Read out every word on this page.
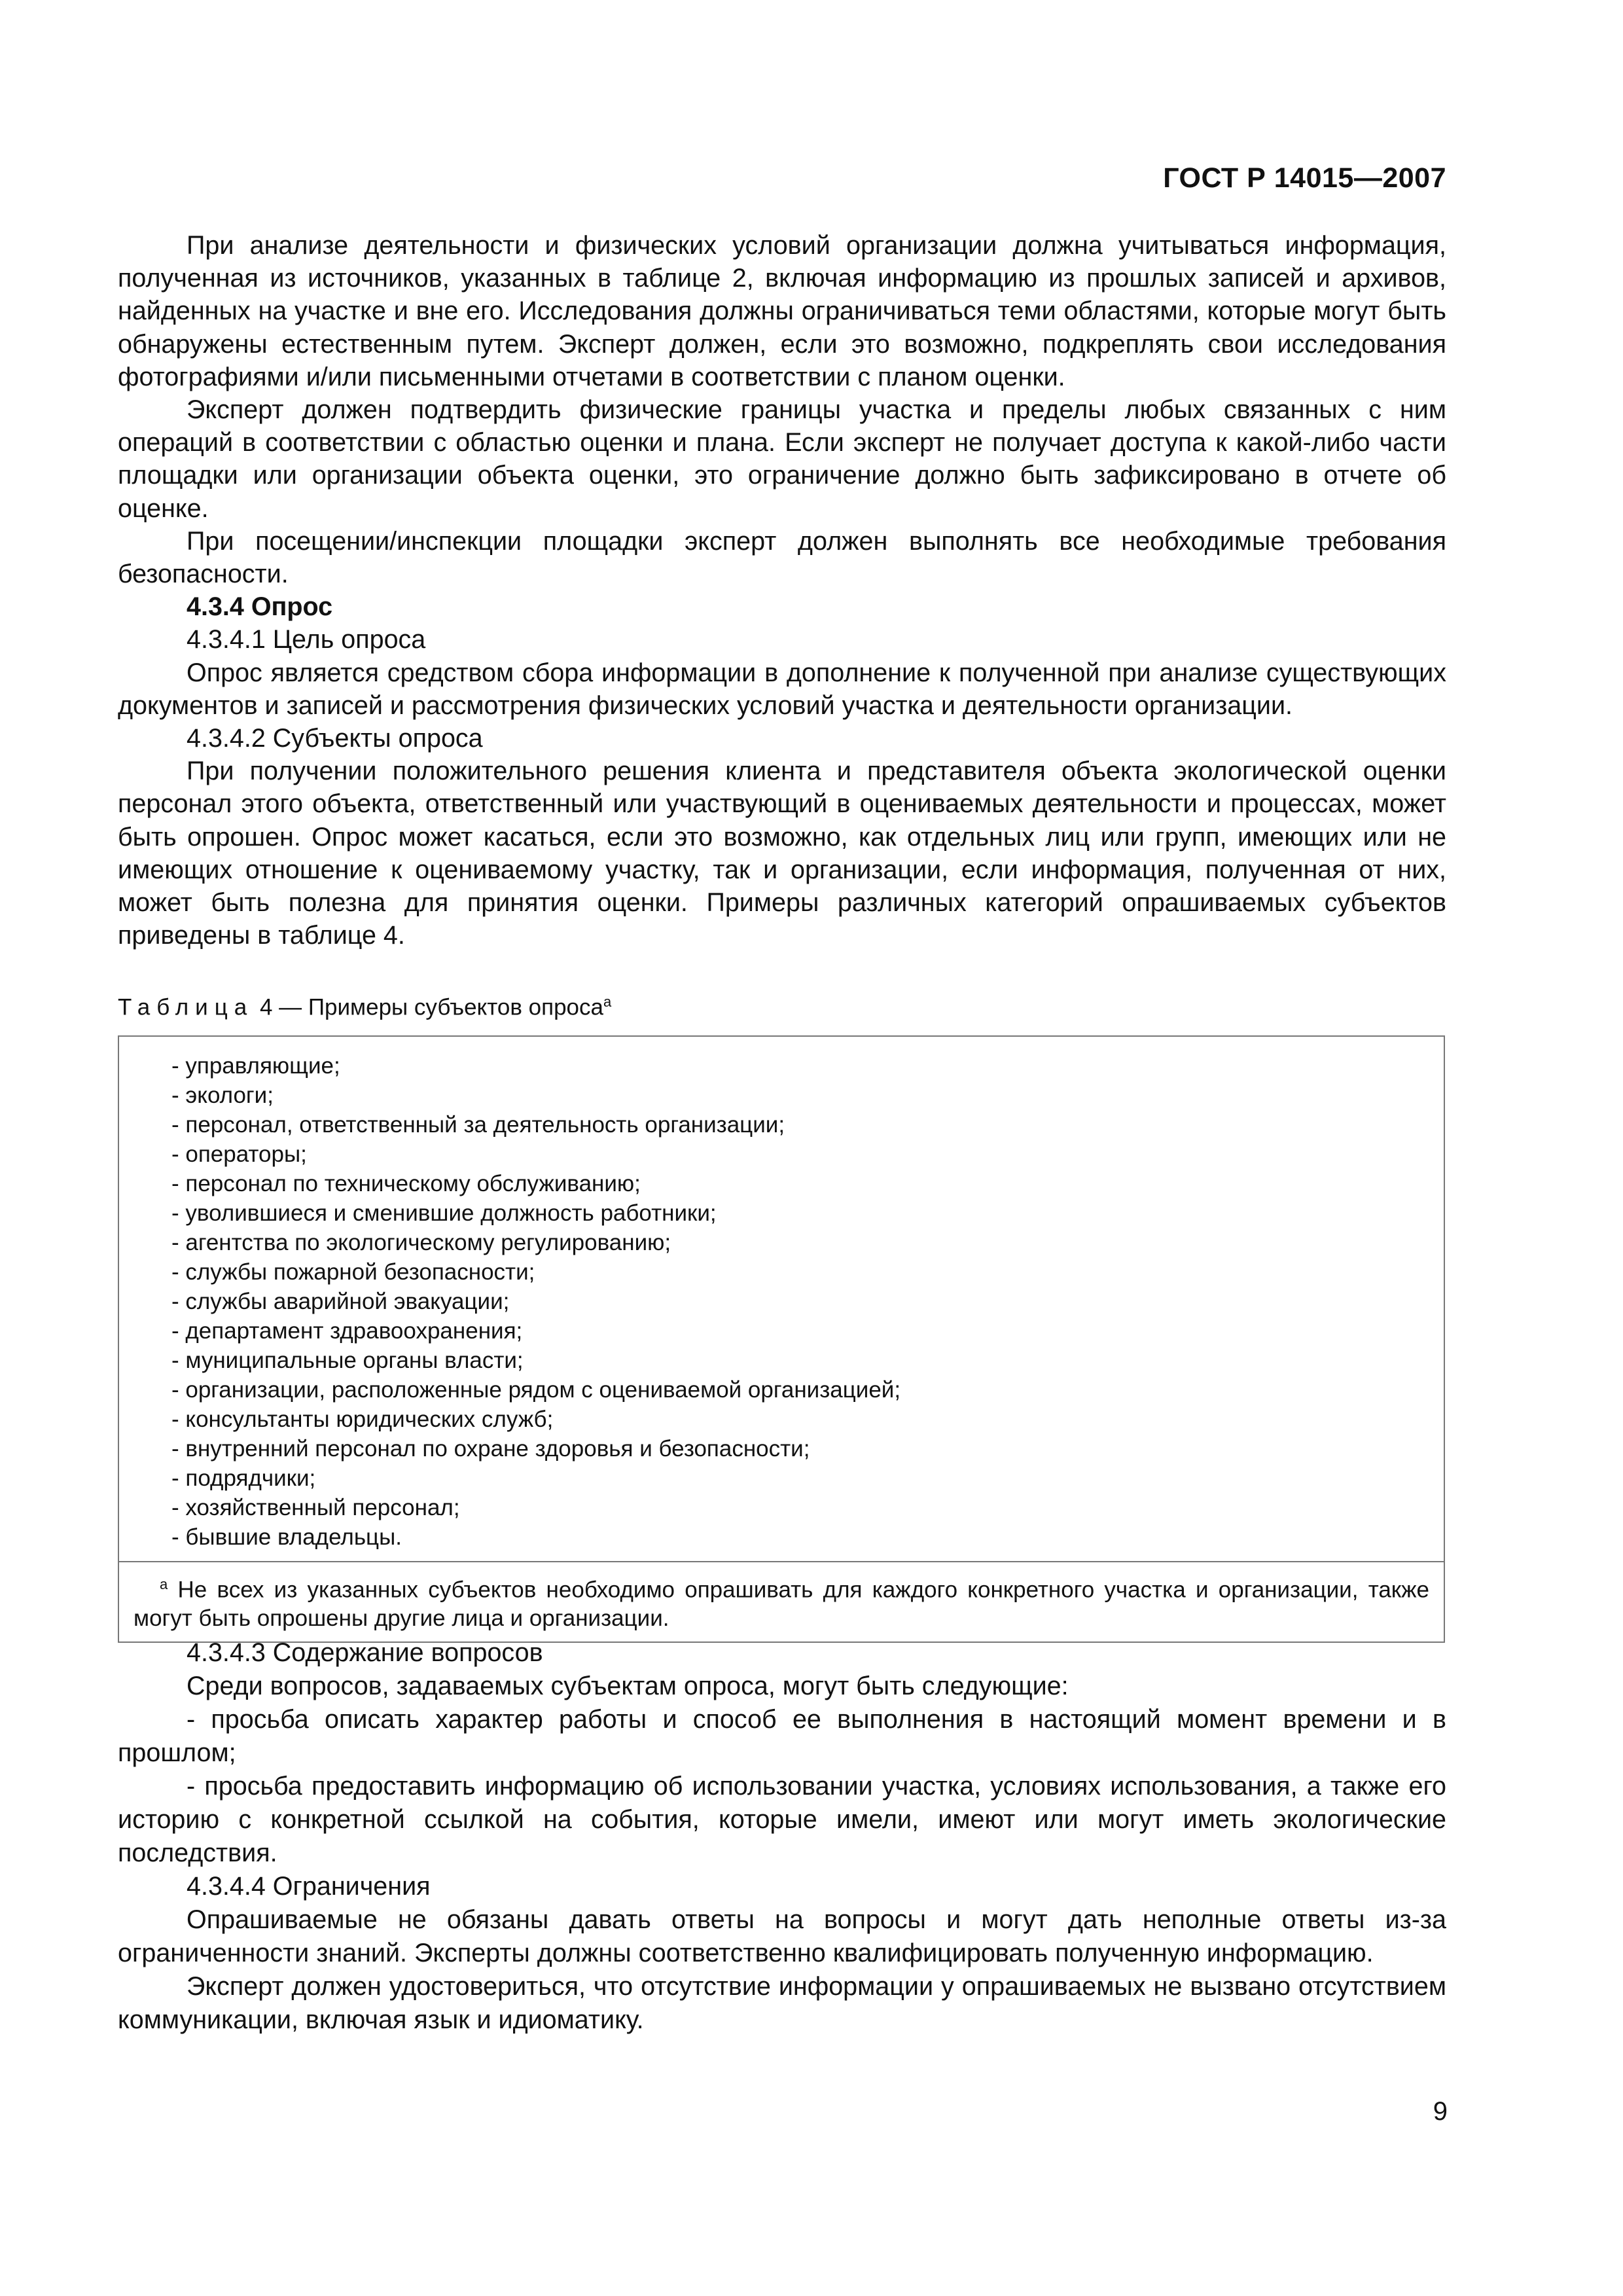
ГОСТ Р 14015—2007

При анализе деятельности и физических условий организации должна учитываться информация, полученная из источников, указанных в таблице 2, включая информацию из прошлых записей и архивов, найденных на участке и вне его. Исследования должны ограничиваться теми областями, которые могут быть обнаружены естественным путем. Эксперт должен, если это возможно, подкреплять свои исследования фотографиями и/или письменными отчетами в соответствии с планом оценки.

Эксперт должен подтвердить физические границы участка и пределы любых связанных с ним операций в соответствии с областью оценки и плана. Если эксперт не получает доступа к какой-либо части площадки или организации объекта оценки, это ограничение должно быть зафиксировано в отчете об оценке.

При посещении/инспекции площадки эксперт должен выполнять все необходимые требования безопасности.

4.3.4 Опрос

4.3.4.1 Цель опроса

Опрос является средством сбора информации в дополнение к полученной при анализе существующих документов и записей и рассмотрения физических условий участка и деятельности организации.

4.3.4.2 Субъекты опроса

При получении положительного решения клиента и представителя объекта экологической оценки персонал этого объекта, ответственный или участвующий в оцениваемых деятельности и процессах, может быть опрошен. Опрос может касаться, если это возможно, как отдельных лиц или групп, имеющих или не имеющих отношение к оцениваемому участку, так и организации, если информация, полученная от них, может быть полезна для принятия оценки. Примеры различных категорий опрашиваемых субъектов приведены в таблице 4.

Таблица 4 — Примеры субъектов опроса$^а$
- управляющие;
- экологи;
- персонал, ответственный за деятельность организации;
- операторы;
- персонал по техническому обслуживанию;
- уволившиеся и сменившие должность работники;
- агентства по экологическому регулированию;
- службы пожарной безопасности;
- службы аварийной эвакуации;
- департамент здравоохранения;
- муниципальные органы власти;
- организации, расположенные рядом с оцениваемой организацией;
- консультанты юридических служб;
- внутренний персонал по охране здоровья и безопасности;
- подрядчики;
- хозяйственный персонал;
- бывшие владельцы.
$^а$ Не всех из указанных субъектов необходимо опрашивать для каждого конкретного участка и организации, также могут быть опрошены другие лица и организации.

4.3.4.3 Содержание вопросов

Среди вопросов, задаваемых субъектам опроса, могут быть следующие:

- просьба описать характер работы и способ ее выполнения в настоящий момент времени и в прошлом;

- просьба предоставить информацию об использовании участка, условиях использования, а также его историю с конкретной ссылкой на события, которые имели, имеют или могут иметь экологические последствия.

4.3.4.4 Ограничения

Опрашиваемые не обязаны давать ответы на вопросы и могут дать неполные ответы из-за ограниченности знаний. Эксперты должны соответственно квалифицировать полученную информацию.

Эксперт должен удостовериться, что отсутствие информации у опрашиваемых не вызвано отсутствием коммуникации, включая язык и идиоматику.

9
